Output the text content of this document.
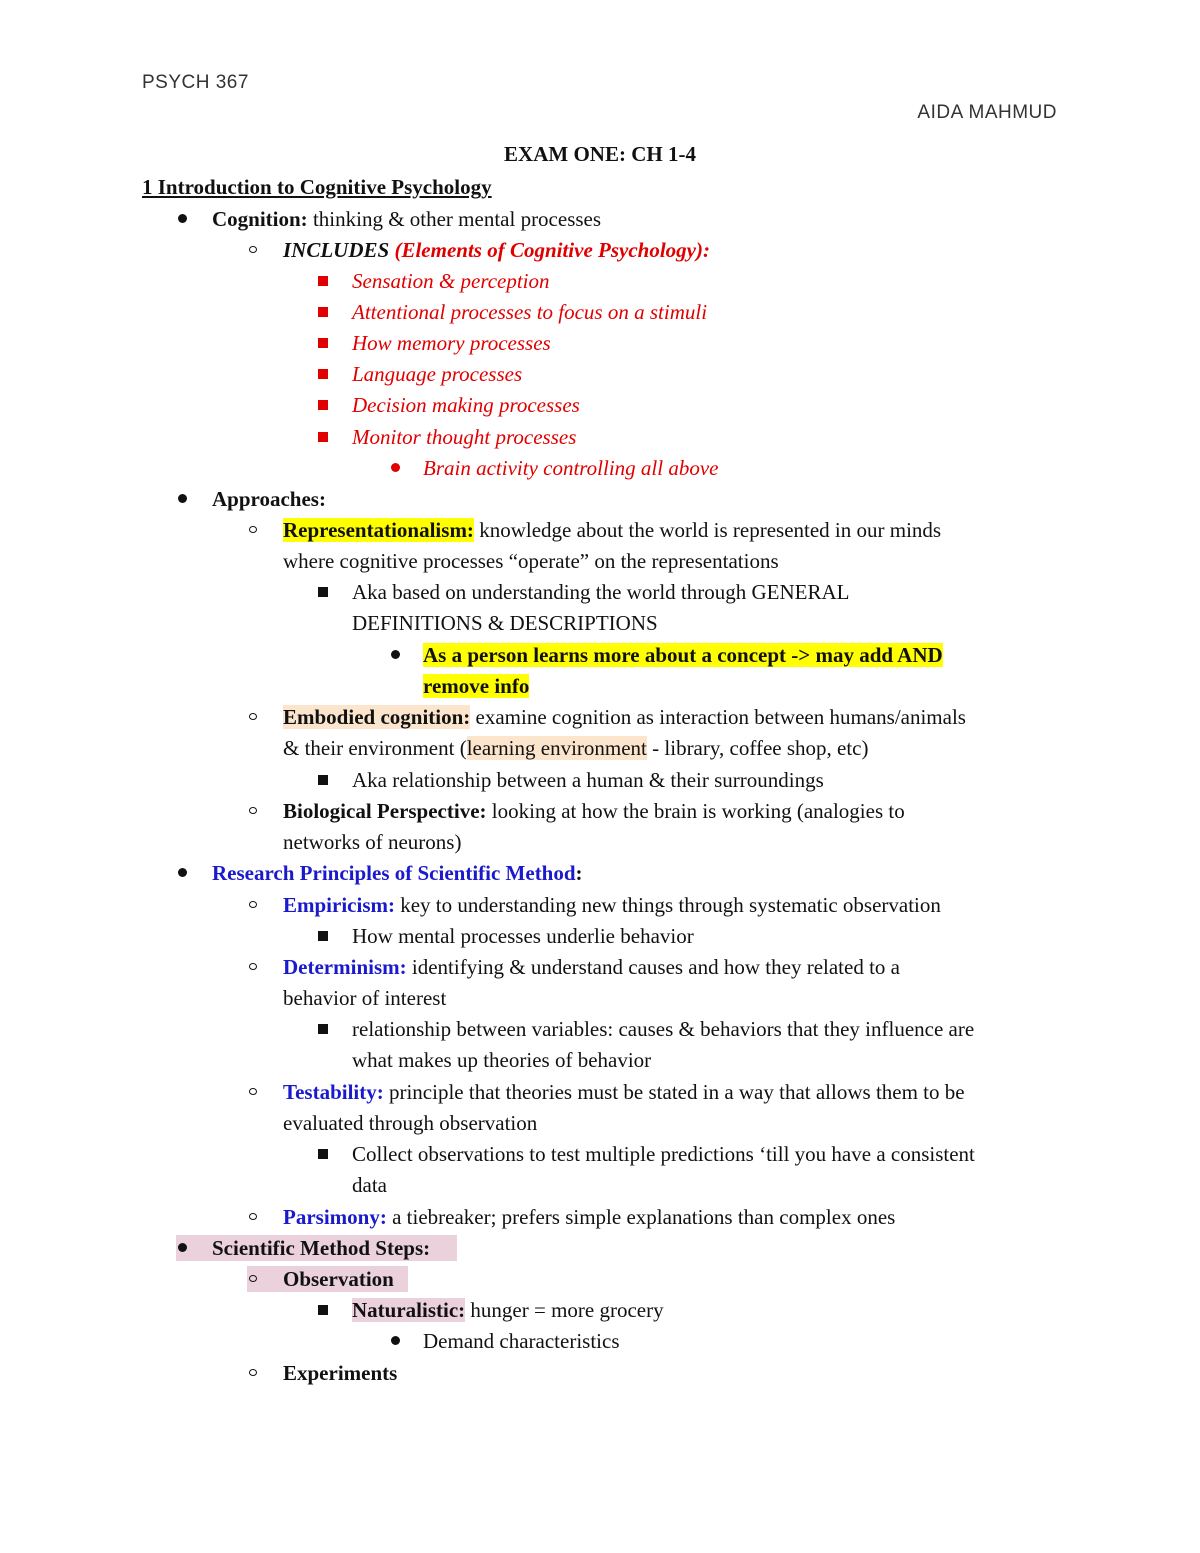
PSYCH 367
AIDA MAHMUD
EXAM ONE: CH 1-4
1 Introduction to Cognitive Psychology
Cognition: thinking & other mental processes
INCLUDES (Elements of Cognitive Psychology):
Sensation & perception
Attentional processes to focus on a stimuli
How memory processes
Language processes
Decision making processes
Monitor thought processes
Brain activity controlling all above
Approaches:
Representationalism: knowledge about the world is represented in our minds
where cognitive processes “operate” on the representations
Aka based on understanding the world through GENERAL
DEFINITIONS & DESCRIPTIONS
As a person learns more about a concept -> may add AND
remove info
Embodied cognition: examine cognition as interaction between humans/animals
& their environment (learning environment - library, coffee shop, etc)
Aka relationship between a human & their surroundings
Biological Perspective: looking at how the brain is working (analogies to
networks of neurons)
Research Principles of Scientific Method:
Empiricism: key to understanding new things through systematic observation
How mental processes underlie behavior
Determinism: identifying & understand causes and how they related to a
behavior of interest
relationship between variables: causes & behaviors that they influence are
what makes up theories of behavior
Testability: principle that theories must be stated in a way that allows them to be
evaluated through observation
Collect observations to test multiple predictions ‘till you have a consistent
data
Parsimony: a tiebreaker; prefers simple explanations than complex ones
Scientific Method Steps:
Observation
Naturalistic: hunger = more grocery
Demand characteristics
Experiments
